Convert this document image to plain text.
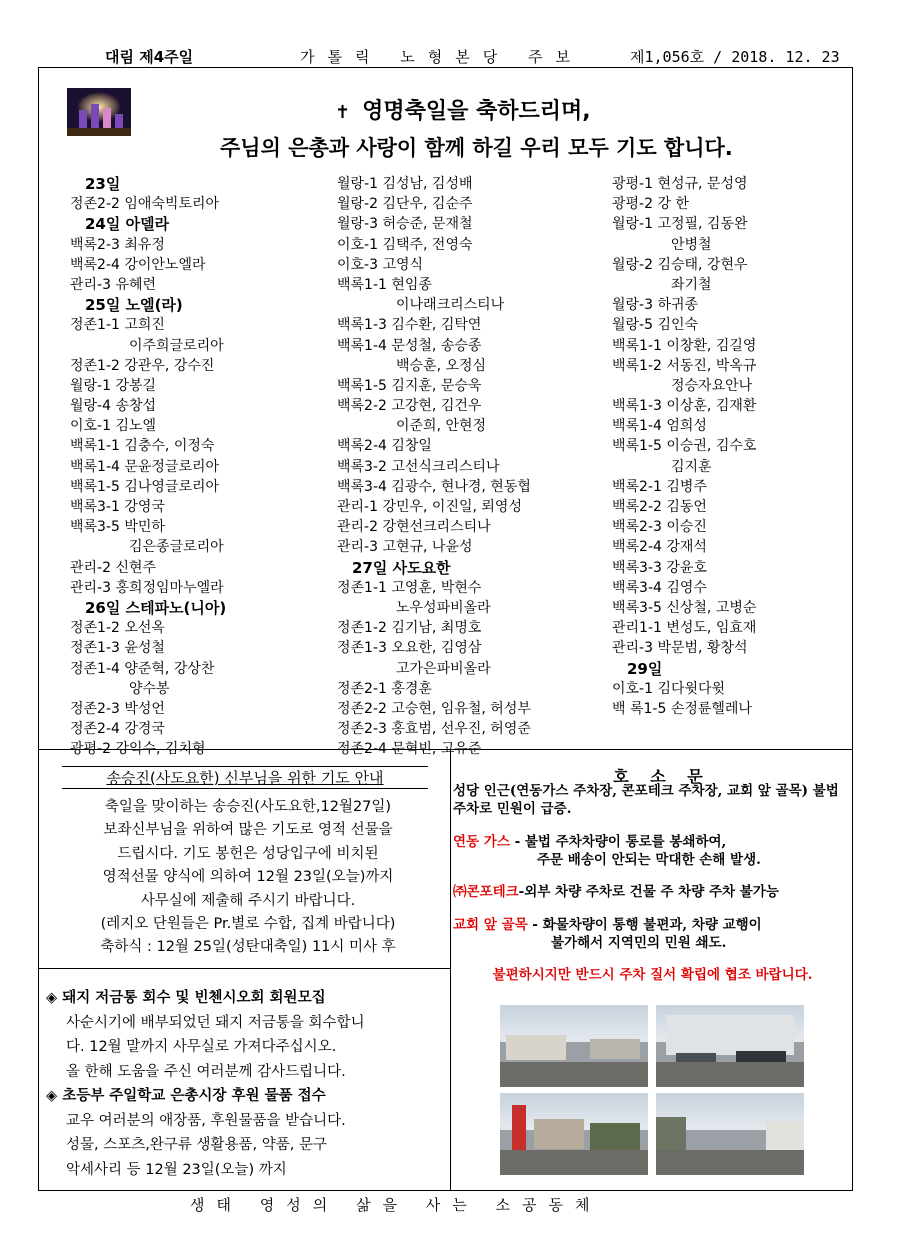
대림 제4주일	가톨릭 노형본당 주보	제1,056호 / 2018. 12. 23
✝ 영명축일을 축하드리며,
주님의 은총과 사랑이 함께 하길 우리 모두 기도 합니다.
23일
정존2-2 임애숙빅토리아
24일 아델라
백록2-3 최유정
백록2-4 강이안노엘라
관리-3 유혜련
25일 노엘(라)
정존1-1 고희진
이주희글로리아
정존1-2 강관우, 강수진
월랑-1 강봉길
월랑-4 송창섭
이호-1 김노엘
백록1-1 김충수, 이정숙
백록1-4 문윤정글로리아
백록1-5 김나영글로리아
백록3-1 강영국
백록3-5 박민하
김은종글로리아
관리-2 신현주
관리-3 홍희정임마누엘라
26일 스테파노(니아)
정존1-2 오선옥
정존1-3 윤성철
정존1-4 양준혁, 강상찬
양수봉
정존2-3 박성언
정존2-4 강경국
광평-2 강익수, 김치형
월랑-1 김성남, 김성배
월랑-2 김단우, 김순주
월랑-3 허승준, 문재철
이호-1 김택주, 전영숙
이호-3 고영식
백록1-1 현임종
이나래크리스티나
백록1-3 김수환, 김탁연
백록1-4 문성철, 송승종
백승훈, 오정심
백록1-5 김지훈, 문승욱
백록2-2 고강현, 김건우
이준희, 안현정
백록2-4 김창일
백록3-2 고선식크리스티나
백록3-4 김광수, 현나경, 현동협
관리-1 강민우, 이진일, 뢰영성
관리-2 강현선크리스티나
관리-3 고현규, 나윤성
27일 사도요한
정존1-1 고영훈, 박현수
노우성파비올라
정존1-2 김기남, 최명호
정존1-3 오요한, 김영삼
고가은파비올라
정존2-1 홍경훈
정존2-2 고승현, 임유철, 허성부
정존2-3 홍효범, 선우진, 허영준
정존2-4 문혁빈, 고유준
광평-1 현성규, 문성영
광평-2 강 한
월랑-1 고정필, 김동완
안병철
월랑-2 김승태, 강현우
좌기철
월랑-3 하귀종
월랑-5 김인숙
백록1-1 이창환, 김길영
백록1-2 서동진, 박옥규
정승자요안나
백록1-3 이상훈, 김재환
백록1-4 엄희성
백록1-5 이승권, 김수호
김지훈
백록2-1 김병주
백록2-2 김동언
백록2-3 이승진
백록2-4 강재석
백록3-3 강윤호
백록3-4 김영수
백록3-5 신상철, 고병순
관리1-1 변성도, 임효재
관리-3 박문범, 황창석
29일
이호-1 김다윗다윗
백 록1-5 손정륜헬레나
송승진(사도요한) 신부님을 위한 기도 안내
축일을 맞이하는 송승진(사도요한,12월27일)
보좌신부님을 위하여 많은 기도로 영적 선물을
드립시다. 기도 봉헌은 성당입구에 비치된
영적선물 양식에 의하여 12월 23일(오늘)까지
사무실에 제출해 주시기 바랍니다.
(레지오 단원들은 Pr.별로 수합, 집계 바랍니다)
축하식 : 12월 25일(성탄대축일) 11시 미사 후
◈ 돼지 저금통 회수 및 빈첸시오회 회원모집
사순시기에 배부되었던 돼지 저금통을 회수합니
다. 12월 말까지 사무실로 가져다주십시오.
올 한해 도움을 주신 여러분께 감사드립니다.
◈ 초등부 주일학교 은총시장 후원 물품 접수
교우 여러분의 애장품, 후원물품을 받습니다.
성물, 스포츠,완구류 생활용품, 약품, 문구
악세사리 등 12월 23일(오늘) 까지
호 소 문
성당 인근(연동가스 주차장, 콘포테크 주차장, 교회 앞 골목) 불법주차로 민원이 급증.
연동 가스 - 불법 주차차량이 통로를 봉쇄하여,
주문 배송이 안되는 막대한 손해 발생.
㈜콘포테크-외부 차량 주차로 건물 주 차량 주차 불가능
교회 앞 골목 - 화물차량이 통행 불편과, 차량 교행이
불가해서 지역민의 민원 쇄도.
불편하시지만 반드시 주차 질서 확립에 협조 바랍니다.
생태 영성의 삶을 사는 소공동체
